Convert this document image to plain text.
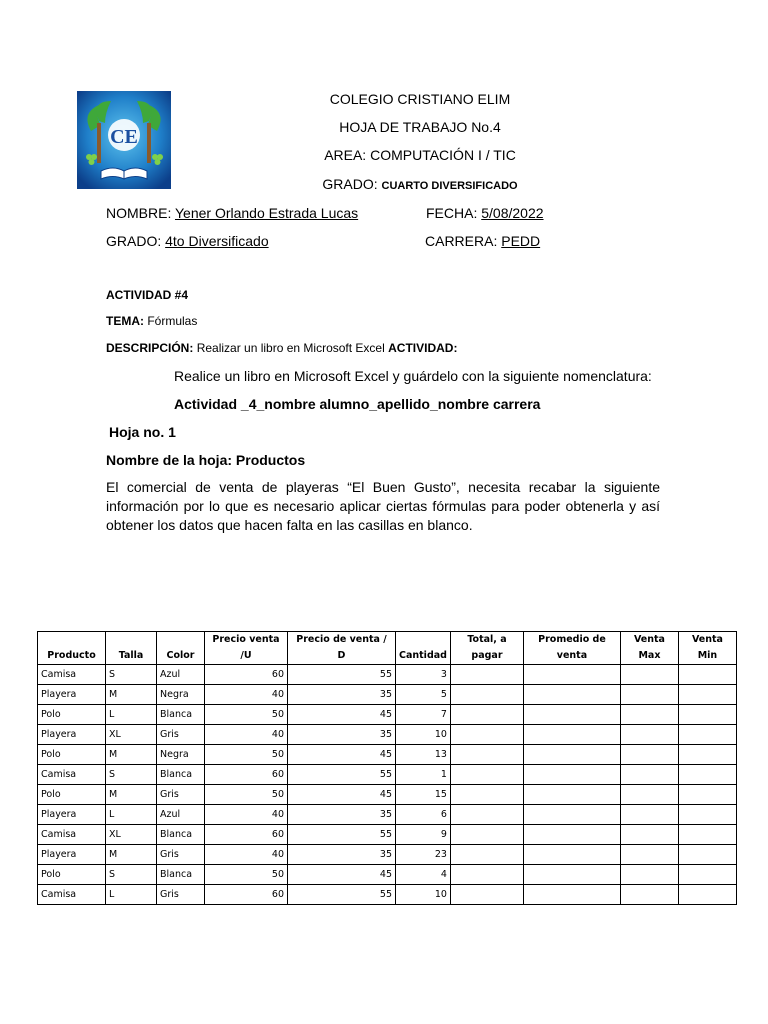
CE
COLEGIO CRISTIANO ELIM
HOJA DE TRABAJO No.4
AREA: COMPUTACIÓN I / TIC
GRADO: CUARTO DIVERSIFICADO
NOMBRE: Yener Orlando Estrada Lucas	FECHA: 5/08/2022
GRADO: 4to Diversificado	CARRERA: PEDD
ACTIVIDAD #4
TEMA: Fórmulas
DESCRIPCIÓN: Realizar un libro en Microsoft Excel ACTIVIDAD:
Realice un libro en Microsoft Excel y guárdelo con la siguiente nomenclatura:
Actividad _4_nombre alumno_apellido_nombre carrera
Hoja no. 1
Nombre de la hoja: Productos
El comercial de venta de playeras “El Buen Gusto”, necesita recabar la siguiente información por lo que es necesario aplicar ciertas fórmulas para poder obtenerla y así obtener los datos que hacen falta en las casillas en blanco.
Producto	Talla	Color	Precio venta /U	Precio de venta / D	Cantidad	Total, a pagar	Promedio de venta	Venta Max	Venta Min
Camisa	S	Azul	60	55	3				
Playera	M	Negra	40	35	5				
Polo	L	Blanca	50	45	7				
Playera	XL	Gris	40	35	10				
Polo	M	Negra	50	45	13				
Camisa	S	Blanca	60	55	1				
Polo	M	Gris	50	45	15				
Playera	L	Azul	40	35	6				
Camisa	XL	Blanca	60	55	9				
Playera	M	Gris	40	35	23				
Polo	S	Blanca	50	45	4				
Camisa	L	Gris	60	55	10				
